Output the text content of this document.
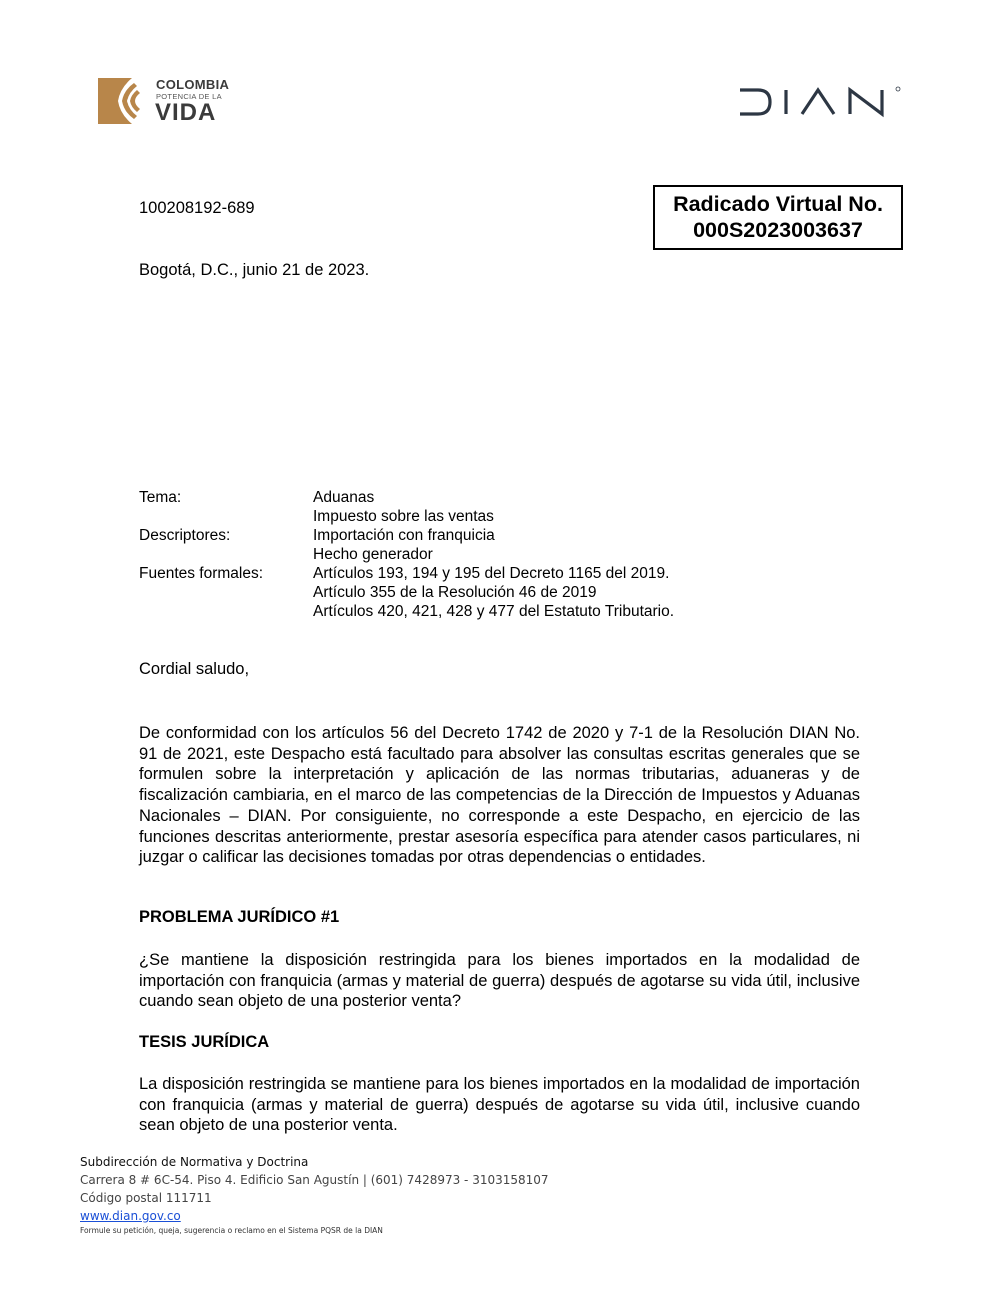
COLOMBIA
POTENCIA DE LA
VIDA
Radicado Virtual No.
000S2023003637
100208192-689
Bogotá, D.C., junio 21 de 2023.
Tema:	Aduanas
Impuesto sobre las ventas
Descriptores:	Importación con franquicia
Hecho generador
Fuentes formales:	Artículos 193, 194 y 195 del Decreto 1165 del 2019.
Artículo 355 de la Resolución 46 de 2019
Artículos 420, 421, 428 y 477 del Estatuto Tributario.
Cordial saludo,
De conformidad con los artículos 56 del Decreto 1742 de 2020 y 7-1 de la Resolución DIAN No. 91 de 2021, este Despacho está facultado para absolver las consultas escritas generales que se formulen sobre la interpretación y aplicación de las normas tributarias, aduaneras y de fiscalización cambiaria, en el marco de las competencias de la Dirección de Impuestos y Aduanas Nacionales – DIAN. Por consiguiente, no corresponde a este Despacho, en ejercicio de las funciones descritas anteriormente, prestar asesoría específica para atender casos particulares, ni juzgar o calificar las decisiones tomadas por otras dependencias o entidades.
PROBLEMA JURÍDICO #1
¿Se mantiene la disposición restringida para los bienes importados en la modalidad de importación con franquicia (armas y material de guerra) después de agotarse su vida útil, inclusive cuando sean objeto de una posterior venta?
TESIS JURÍDICA
La disposición restringida se mantiene para los bienes importados en la modalidad de importación con franquicia (armas y material de guerra) después de agotarse su vida útil, inclusive cuando sean objeto de una posterior venta.
Subdirección de Normativa y Doctrina
Carrera 8 # 6C-54. Piso 4. Edificio San Agustín | (601) 7428973 - 3103158107
Código postal 111711
www.dian.gov.co
Formule su petición, queja, sugerencia o reclamo en el Sistema PQSR de la DIAN
